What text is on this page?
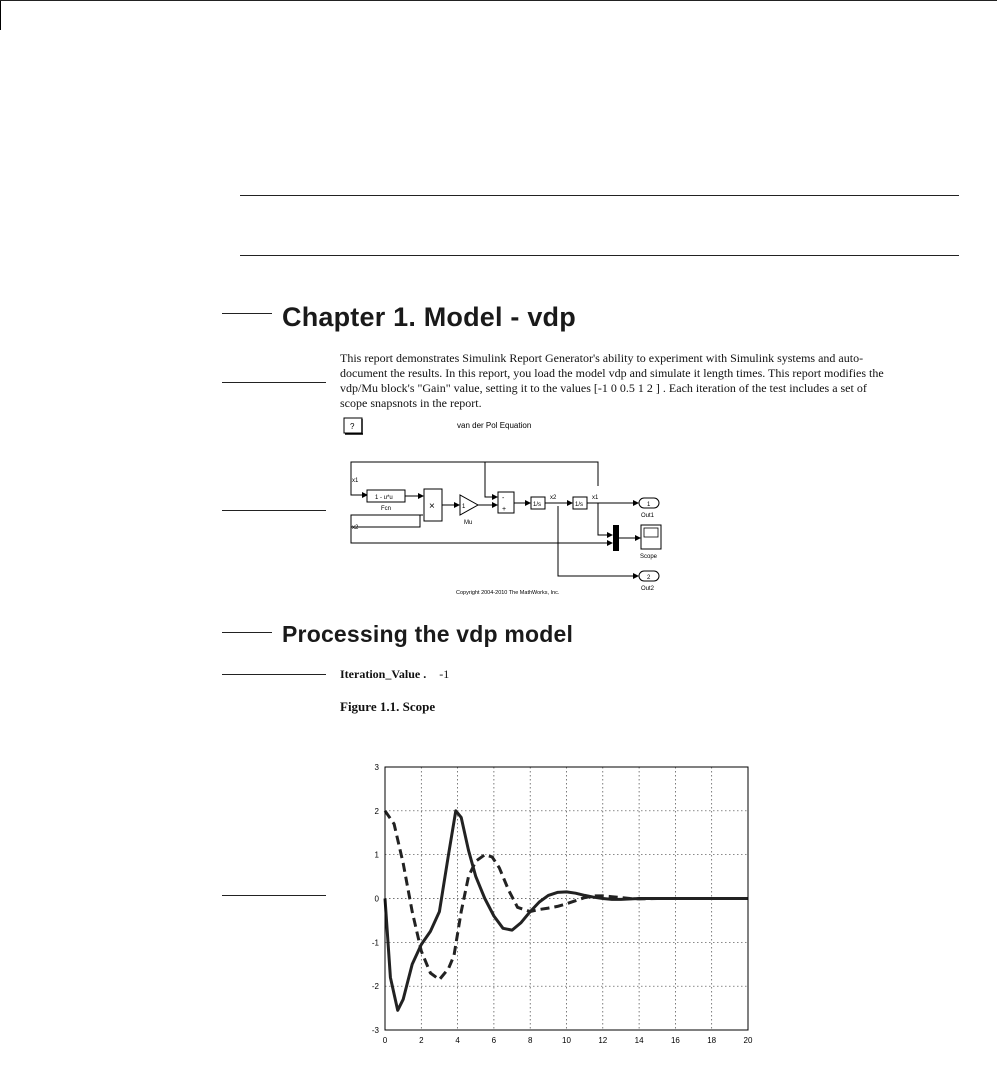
Chapter 1. Model - vdp
This report demonstrates Simulink Report Generator's ability to experiment with Simulink systems and auto-document the results. In this report, you load the model vdp and simulate it length times. This report modifies the vdp/Mu block's "Gain" value, setting it to the values [-1 0 0.5 1 2 ] . Each iteration of the test includes a set of scope snapsnots in the report.
?	van der Pol Equation
x1
x2
x2	x1
1 - u*u
Fcn	×	1
Mu
-
+
1/s	1/s	1
Out1
Scope
2
Out2
Copyright 2004-2010 The MathWorks, Inc.
Processing the vdp model
Iteration_Value . -1
Figure 1.1. Scope
0	2	4	6	8	10	12	14	16	18	20
3
2
1
0
-1
-2
-3
